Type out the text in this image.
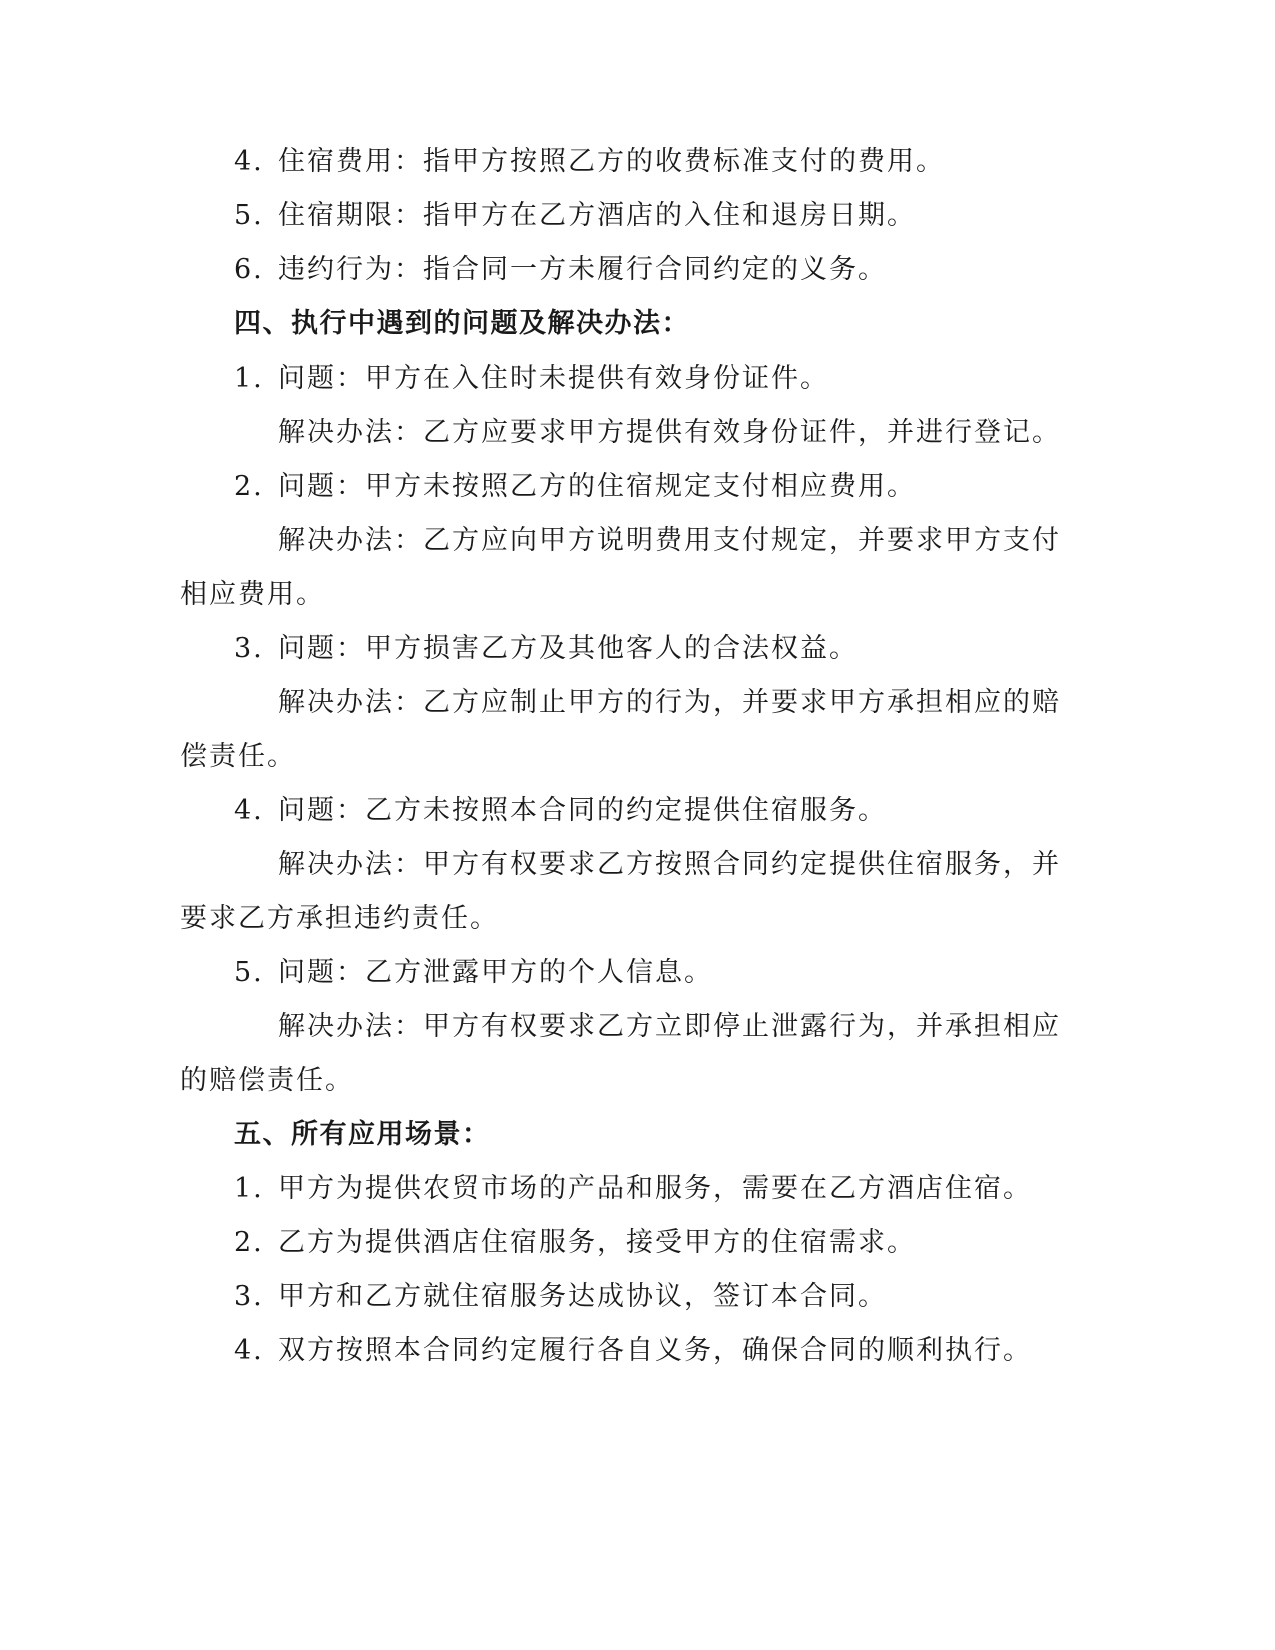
4. 住宿费用：指甲方按照乙方的收费标准支付的费用。
5. 住宿期限：指甲方在乙方酒店的入住和退房日期。
6. 违约行为：指合同一方未履行合同约定的义务。
四、执行中遇到的问题及解决办法：
1. 问题：甲方在入住时未提供有效身份证件。
解决办法：乙方应要求甲方提供有效身份证件，并进行登记。
2. 问题：甲方未按照乙方的住宿规定支付相应费用。
解决办法：乙方应向甲方说明费用支付规定，并要求甲方支付
相应费用。
3. 问题：甲方损害乙方及其他客人的合法权益。
解决办法：乙方应制止甲方的行为，并要求甲方承担相应的赔
偿责任。
4. 问题：乙方未按照本合同的约定提供住宿服务。
解决办法：甲方有权要求乙方按照合同约定提供住宿服务，并
要求乙方承担违约责任。
5. 问题：乙方泄露甲方的个人信息。
解决办法：甲方有权要求乙方立即停止泄露行为，并承担相应
的赔偿责任。
五、所有应用场景：
1. 甲方为提供农贸市场的产品和服务，需要在乙方酒店住宿。
2. 乙方为提供酒店住宿服务，接受甲方的住宿需求。
3. 甲方和乙方就住宿服务达成协议，签订本合同。
4. 双方按照本合同约定履行各自义务，确保合同的顺利执行。
